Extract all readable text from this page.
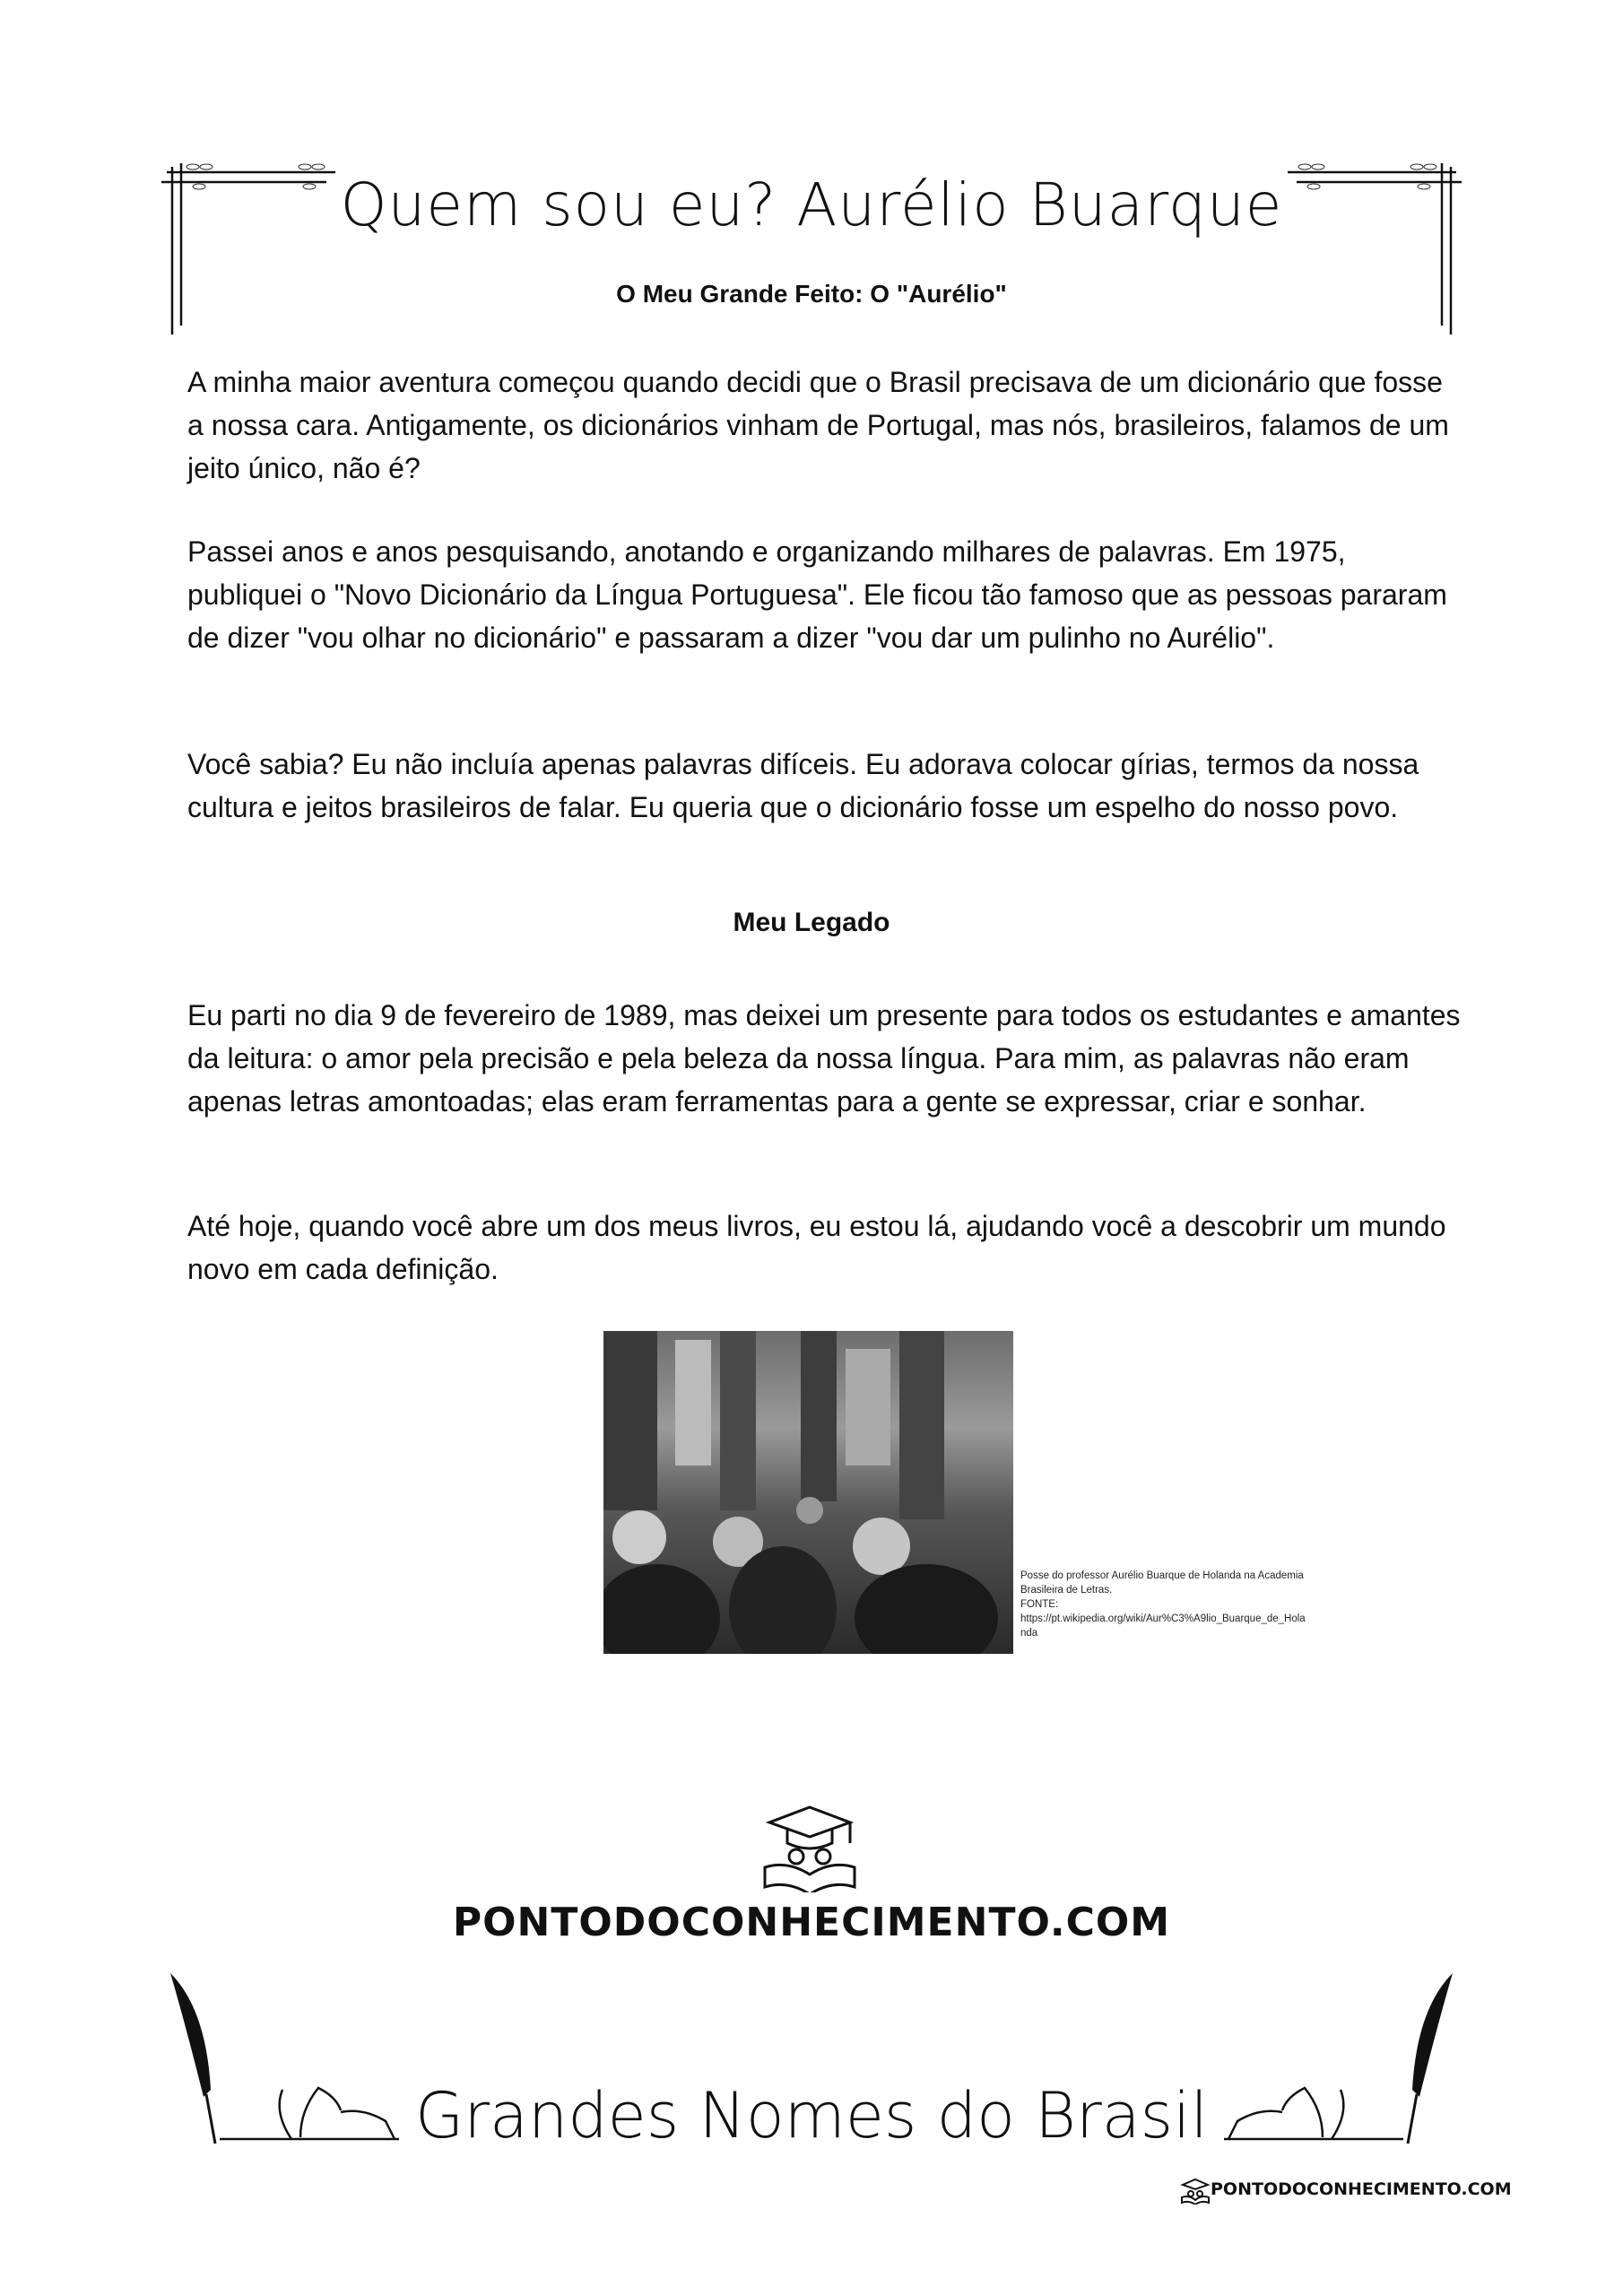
Quem sou eu? Aurélio Buarque
O Meu Grande Feito: O "Aurélio"
A minha maior aventura começou quando decidi que o Brasil precisava de um dicionário que fosse a nossa cara. Antigamente, os dicionários vinham de Portugal, mas nós, brasileiros, falamos de um jeito único, não é?
Passei anos e anos pesquisando, anotando e organizando milhares de palavras. Em 1975, publiquei o "Novo Dicionário da Língua Portuguesa". Ele ficou tão famoso que as pessoas pararam de dizer "vou olhar no dicionário" e passaram a dizer "vou dar um pulinho no Aurélio".
Você sabia? Eu não incluía apenas palavras difíceis. Eu adorava colocar gírias, termos da nossa cultura e jeitos brasileiros de falar. Eu queria que o dicionário fosse um espelho do nosso povo.
Meu Legado
Eu parti no dia 9 de fevereiro de 1989, mas deixei um presente para todos os estudantes e amantes da leitura: o amor pela precisão e pela beleza da nossa língua. Para mim, as palavras não eram apenas letras amontoadas; elas eram ferramentas para a gente se expressar, criar e sonhar.
Até hoje, quando você abre um dos meus livros, eu estou lá, ajudando você a descobrir um mundo novo em cada definição.
Posse do professor Aurélio Buarque de Holanda na Academia Brasileira de Letras.
FONTE:
https://pt.wikipedia.org/wiki/Aur%C3%A9lio_Buarque_de_Hola
nda
PONTODOCONHECIMENTO.COM
Grandes Nomes do Brasil
PONTODOCONHECIMENTO.COM
